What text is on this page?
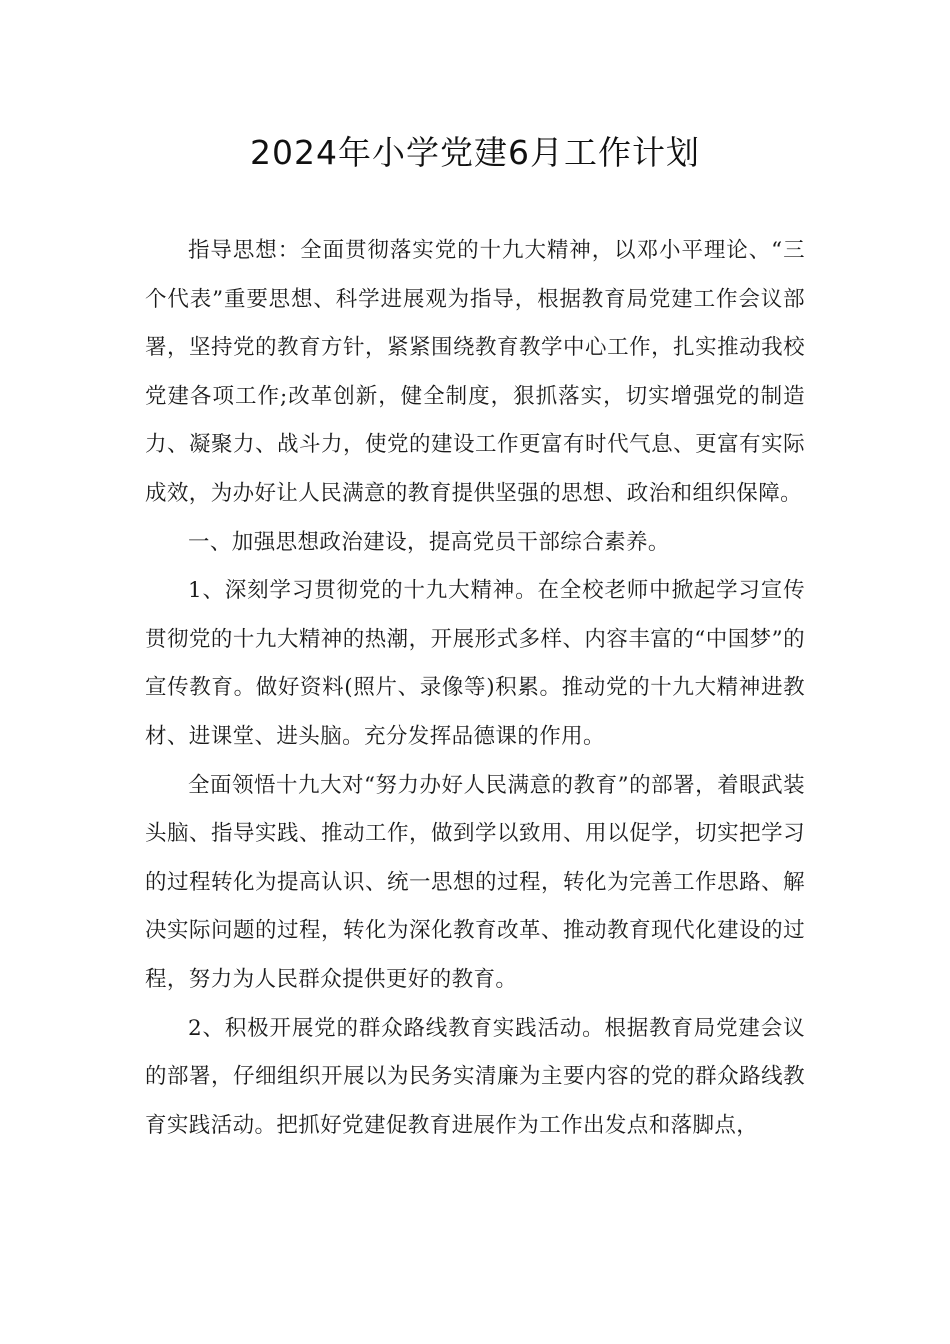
2024年小学党建6月工作计划

指导思想：全面贯彻落实党的十九大精神，以邓小平理论、“三个代表”重要思想、科学进展观为指导，根据教育局党建工作会议部署，坚持党的教育方针，紧紧围绕教育教学中心工作，扎实推动我校党建各项工作;改革创新，健全制度，狠抓落实，切实增强党的制造力、凝聚力、战斗力，使党的建设工作更富有时代气息、更富有实际成效，为办好让人民满意的教育提供坚强的思想、政治和组织保障。

一、加强思想政治建设，提高党员干部综合素养。

1、深刻学习贯彻党的十九大精神。在全校老师中掀起学习宣传贯彻党的十九大精神的热潮，开展形式多样、内容丰富的“中国梦”的宣传教育。做好资料(照片、录像等)积累。推动党的十九大精神进教材、进课堂、进头脑。充分发挥品德课的作用。

全面领悟十九大对“努力办好人民满意的教育”的部署，着眼武装头脑、指导实践、推动工作，做到学以致用、用以促学，切实把学习的过程转化为提高认识、统一思想的过程，转化为完善工作思路、解决实际问题的过程，转化为深化教育改革、推动教育现代化建设的过程，努力为人民群众提供更好的教育。

2、积极开展党的群众路线教育实践活动。根据教育局党建会议的部署，仔细组织开展以为民务实清廉为主要内容的党的群众路线教育实践活动。把抓好党建促教育进展作为工作出发点和落脚点，
